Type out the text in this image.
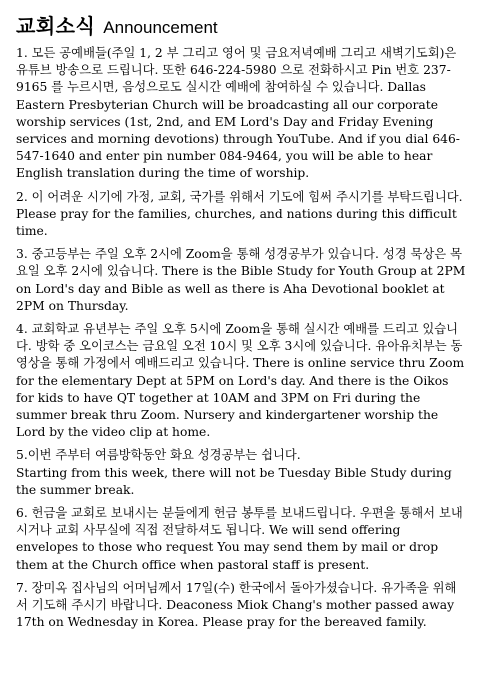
교회소식 Announcement

1. 모든 공예배들(주일 1, 2 부 그리고 영어 및 금요저녁예배 그리고 새벽기도회)은 유튜브 방송으로 드립니다. 또한 646-224-5980 으로 전화하시고 Pin 번호 237-9165 를 누르시면, 음성으로도 실시간 예배에 참여하실 수 있습니다. Dallas Eastern Presbyterian Church will be broadcasting all our corporate worship services (1st, 2nd, and EM Lord's Day and Friday Evening services and morning devotions) through YouTube. And if you dial 646-547-1640 and enter pin number 084-9464, you will be able to hear English translation during the time of worship.

2. 이 어려운 시기에 가정, 교회, 국가를 위해서 기도에 힘써 주시기를 부탁드립니다. Please pray for the families, churches, and nations during this difficult time.

3. 중고등부는 주일 오후 2시에 Zoom을 통해 성경공부가 있습니다. 성경 묵상은 목요일 오후 2시에 있습니다. There is the Bible Study for Youth Group at 2PM on Lord's day and Bible as well as there is Aha Devotional booklet at 2PM on Thursday.

4. 교회학교 유년부는 주일 오후 5시에 Zoom을 통해 실시간 예배를 드리고 있습니다. 방학 중 오이코스는 금요일 오전 10시 및 오후 3시에 있습니다. 유아유치부는 동영상을 통해 가정에서 예배드리고 있습니다. There is online service thru Zoom for the elementary Dept at 5PM on Lord's day. And there is the Oikos for kids to have QT together at 10AM and 3PM on Fri during the summer break thru Zoom. Nursery and kindergartener worship the Lord by the video clip at home.

5.이번 주부터 여름방학동안 화요 성경공부는 쉽니다.

Starting from this week, there will not be Tuesday Bible Study during the summer break.

6. 헌금을 교회로 보내시는 분들에게 헌금 봉투를 보내드립니다. 우편을 통해서 보내시거나 교회 사무실에 직접 전달하셔도 됩니다. We will send offering envelopes to those who request You may send them by mail or drop them at the Church office when pastoral staff is present.

7. 장미옥 집사님의 어머님께서 17일(수) 한국에서 돌아가셨습니다. 유가족을 위해서 기도해 주시기 바랍니다. Deaconess Miok Chang's mother passed away 17th on Wednesday in Korea. Please pray for the bereaved family.
